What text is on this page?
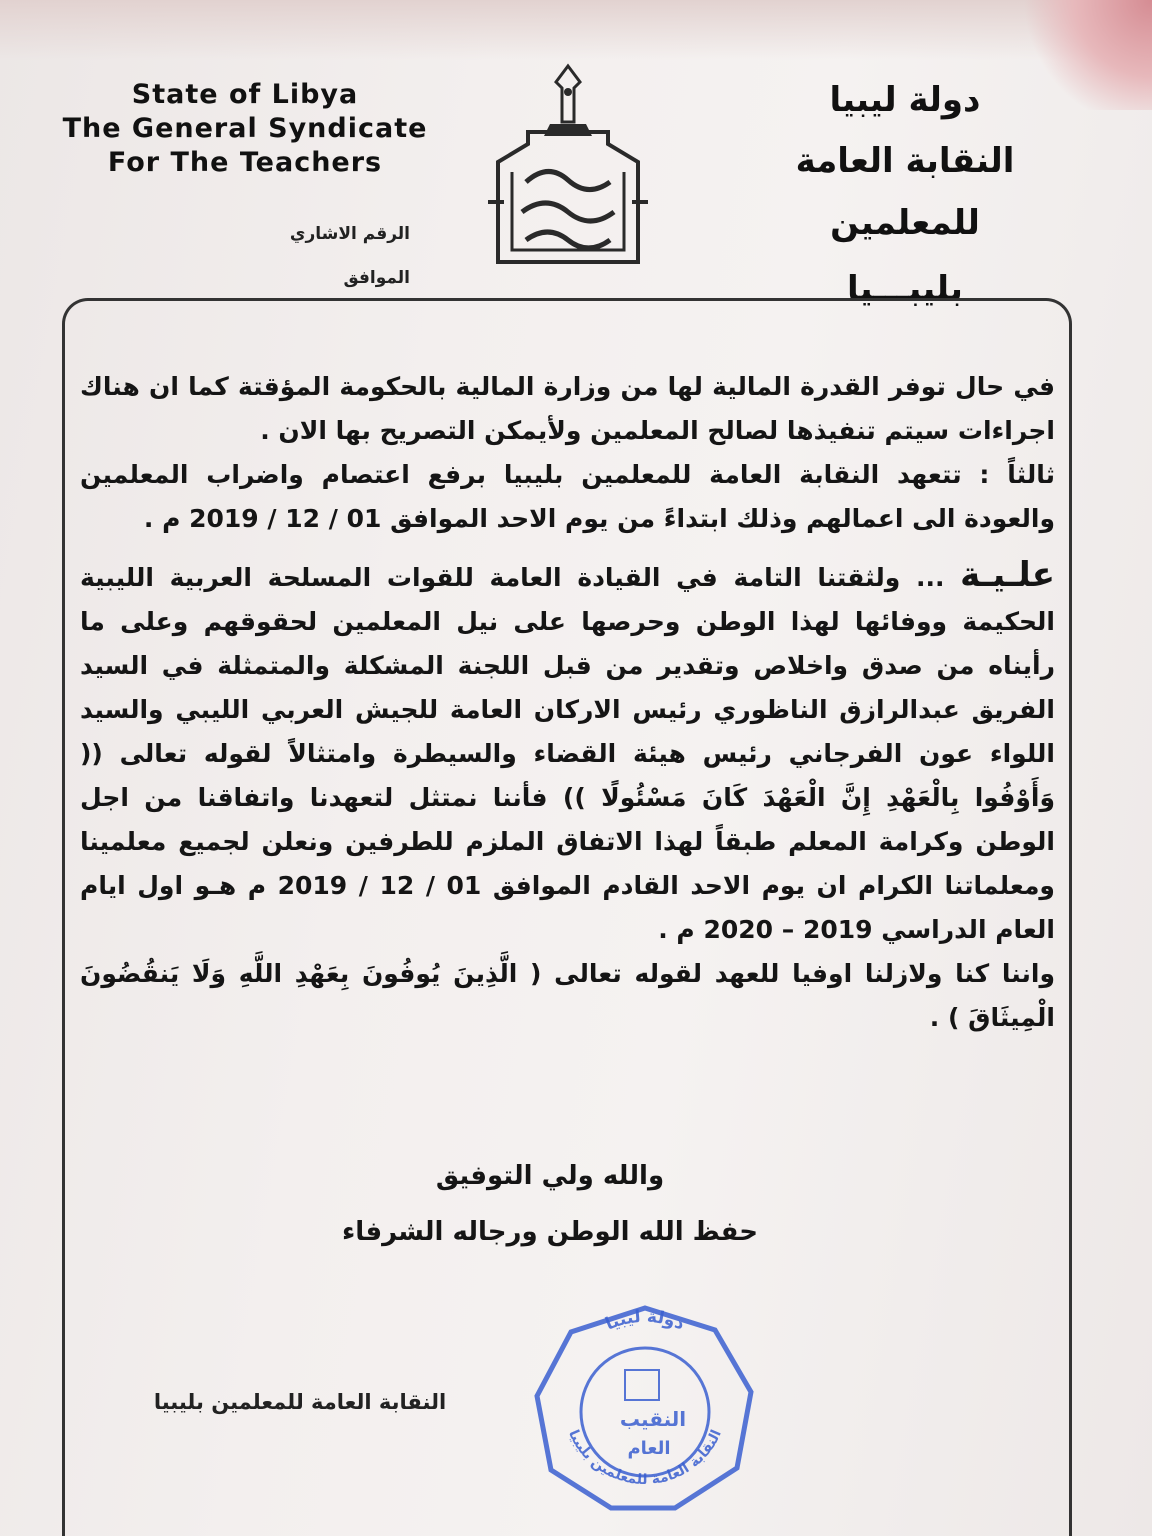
State of Libya
The General Syndicate
For The Teachers
الرقم الاشاري
الموافق
دولة ليبيا
النقابة العامة للمعلمين
بليبـــيا

في حال توفر القدرة المالية لها من وزارة المالية بالحكومة المؤقتة كما ان هناك اجراءات سيتم تنفيذها لصالح المعلمين ولأيمكن التصريح بها الان .

ثالثاً : تتعهد النقابة العامة للمعلمين بليبيا برفع اعتصام واضراب المعلمين والعودة الى اعمالهم وذلك ابتداءً من يوم الاحد الموافق 01 / 12 / 2019 م .

علـيـة ... ولثقتنا التامة في القيادة العامة للقوات المسلحة العربية الليبية الحكيمة ووفائها لهذا الوطن وحرصها على نيل المعلمين لحقوقهم وعلى ما رأيناه من صدق واخلاص وتقدير من قبل اللجنة المشكلة والمتمثلة في السيد الفريق عبدالرازق الناظوري رئيس الاركان العامة للجيش العربي الليبي والسيد اللواء عون الفرجاني رئيس هيئة القضاء والسيطرة وامتثالاً لقوله تعالى (( وَأَوْفُوا بِالْعَهْدِ إِنَّ الْعَهْدَ كَانَ مَسْئُولًا )) فأننا نمتثل لتعهدنا واتفاقنا من اجل الوطن وكرامة المعلم طبقاً لهذا الاتفاق الملزم للطرفين ونعلن لجميع معلمينا ومعلماتنا الكرام ان يوم الاحد القادم الموافق 01 / 12 / 2019 م هـو اول ايام العام الدراسي 2019 – 2020 م .

واننا كنا ولازلنا اوفيا للعهد لقوله تعالى ( الَّذِينَ يُوفُونَ بِعَهْدِ اللَّهِ وَلَا يَنقُضُونَ الْمِيثَاقَ ) .

والله ولي التوفيق
حفظ الله الوطن ورجاله الشرفاء
النقابة العامة للمعلمين بليبيا
دولة ليبيا
النقابة العامة للمعلمين بليبيا
النقيب
العام
